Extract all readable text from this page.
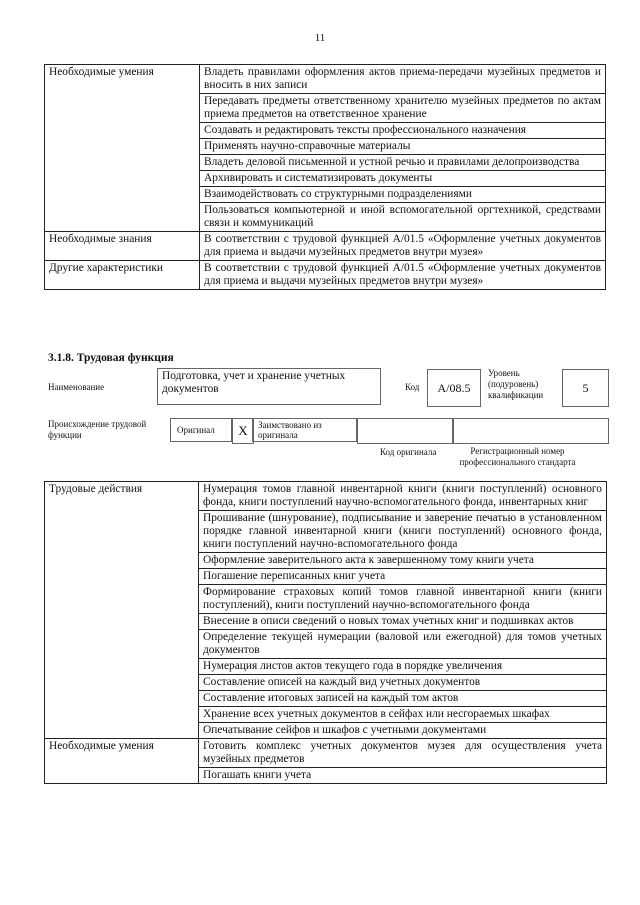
11
Необходимые умения	Владеть правилами оформления актов приема-передачи музейных предметов и вносить в них записи
	Передавать предметы ответственному хранителю музейных предметов по актам приема предметов на ответственное хранение
	Создавать и редактировать тексты профессионального назначения
	Применять научно-справочные материалы
	Владеть деловой письменной и устной речью и правилами делопроизводства
	Архивировать и систематизировать документы
	Взаимодействовать со структурными подразделениями
	Пользоваться компьютерной и иной вспомогательной оргтехникой, средствами связи и коммуникаций
Необходимые знания	В соответствии с трудовой функцией А/01.5 «Оформление учетных документов для приема и выдачи музейных предметов внутри музея»
Другие характеристики	В соответствии с трудовой функцией А/01.5 «Оформление учетных документов для приема и выдачи музейных предметов внутри музея»
3.1.8. Трудовая функция
Наименование
Подготовка, учет и хранение учетных документов	Код	А/08.5
Уровень (подуровень) квалификации
5
Происхождение трудовой функции	Оригинал	X	Заимствовано из оригинала
Код оригинала	Регистрационный номер профессионального стандарта
Трудовые действия	Нумерация томов главной инвентарной книги (книги поступлений) основного фонда, книги поступлений научно-вспомогательного фонда, инвентарных книг
	Прошивание (шнурование), подписывание и заверение печатью в установленном порядке главной инвентарной книги (книги поступлений) основного фонда, книги поступлений научно-вспомогательного фонда
	Оформление заверительного акта к завершенному тому книги учета
	Погашение переписанных книг учета
	Формирование страховых копий томов главной инвентарной книги (книги поступлений), книги поступлений научно-вспомогательного фонда
	Внесение в описи сведений о новых томах учетных книг и подшивках актов
	Определение текущей нумерации (валовой или ежегодной) для томов учетных документов
	Нумерация листов актов текущего года в порядке увеличения
	Составление описей на каждый вид учетных документов
	Составление итоговых записей на каждый том актов
	Хранение всех учетных документов в сейфах или несгораемых шкафах
	Опечатывание сейфов и шкафов с учетными документами
Необходимые умения	Готовить комплекс учетных документов музея для осуществления учета музейных предметов
	Погашать книги учета
